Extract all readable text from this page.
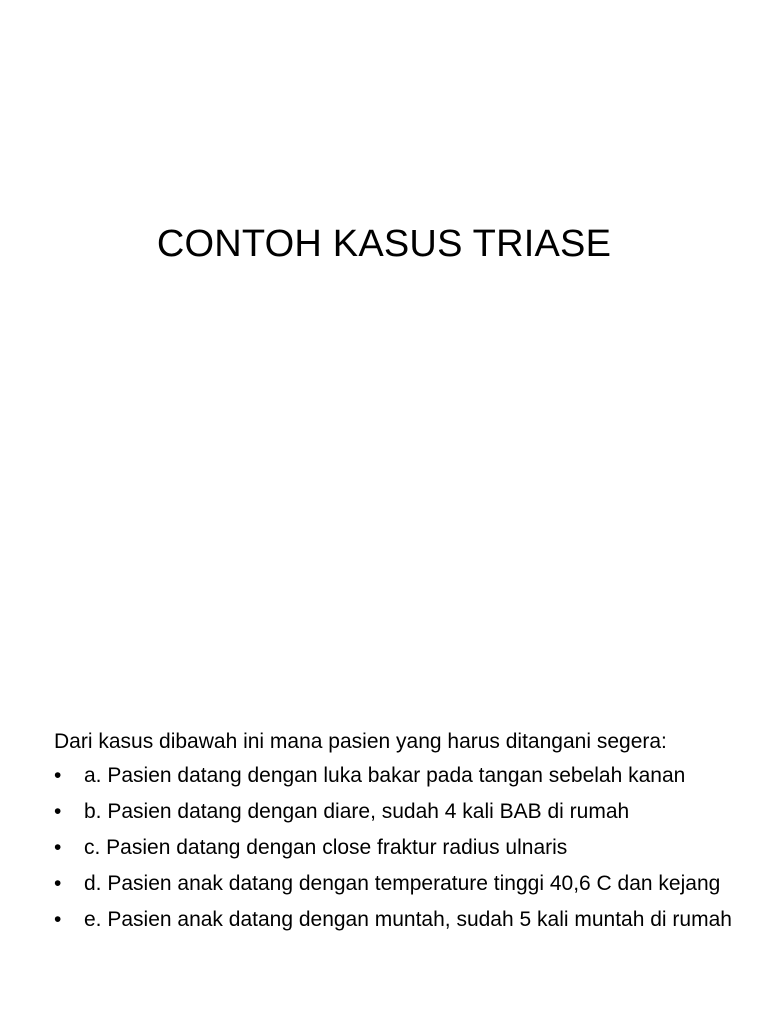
CONTOH KASUS TRIASE

Dari kasus dibawah ini mana pasien yang harus ditangani segera:

• a. Pasien datang dengan luka bakar pada tangan sebelah kanan
• b. Pasien datang dengan diare, sudah 4 kali BAB di rumah
• c. Pasien datang dengan close fraktur radius ulnaris
• d. Pasien anak datang dengan temperature tinggi 40,6 C dan kejang
• e. Pasien anak datang dengan muntah, sudah 5 kali muntah di rumah
